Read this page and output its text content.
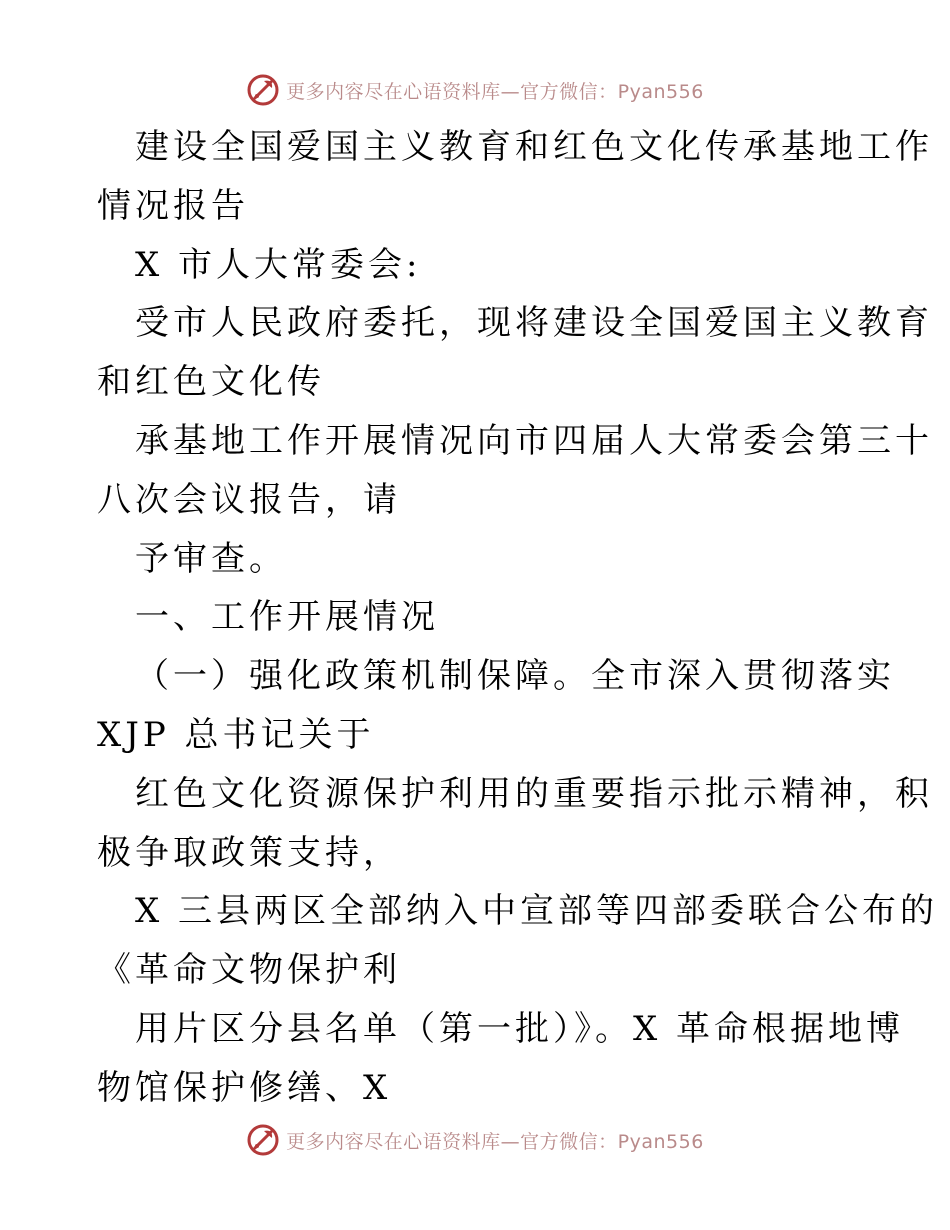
更多内容尽在心语资料库—官方微信：Pyan556
建设全国爱国主义教育和红色文化传承基地工作
情况报告
X 市人大常委会:
受市人民政府委托，现将建设全国爱国主义教育
和红色文化传
承基地工作开展情况向市四届人大常委会第三十
八次会议报告，请
予审查。
一、工作开展情况
（一）强化政策机制保障。全市深入贯彻落实
XJP 总书记关于
红色文化资源保护利用的重要指示批示精神，积
极争取政策支持，
X 三县两区全部纳入中宣部等四部委联合公布的
《革命文物保护利
用片区分县名单（第一批）》。X 革命根据地博
物馆保护修缮、X
更多内容尽在心语资料库—官方微信：Pyan556
